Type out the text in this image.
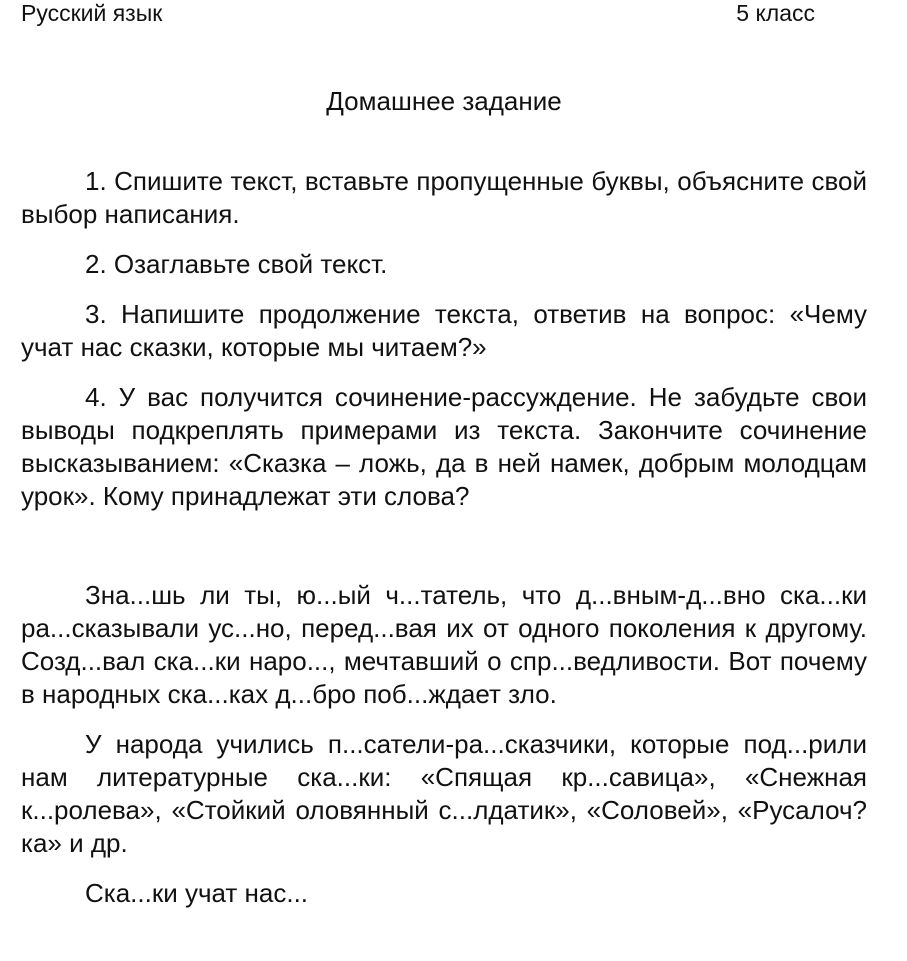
Русский язык	5 класс
Домашнее задание

1. Спишите текст, вставьте пропущенные буквы, объясните свой выбор написания.

2. Озаглавьте свой текст.

3. Напишите продолжение текста, ответив на вопрос: «Чему учат нас сказки, которые мы читаем?»

4. У вас получится сочинение-рассуждение. Не забудьте свои выводы подкреплять примерами из текста. Закончите сочинение высказыванием: «Сказка – ложь, да в ней намек, добрым молодцам урок». Кому принадлежат эти слова?

Зна...шь ли ты, ю...ый ч...татель, что д...вным-д...вно ска...ки ра...сказывали ус...но, перед...вая их от одного поколения к другому. Созд...вал ска...ки наро..., мечтавший о спр...ведливости. Вот почему в народных ска...ках д...бро поб...ждает зло.

У народа учились п...сатели-ра...сказчики, которые под...рили нам литературные ска...ки: «Спящая кр...савица», «Снежная к...ролева», «Стойкий оловянный с...лдатик», «Соловей», «Русалоч?ка» и др.

Ска...ки учат нас...
